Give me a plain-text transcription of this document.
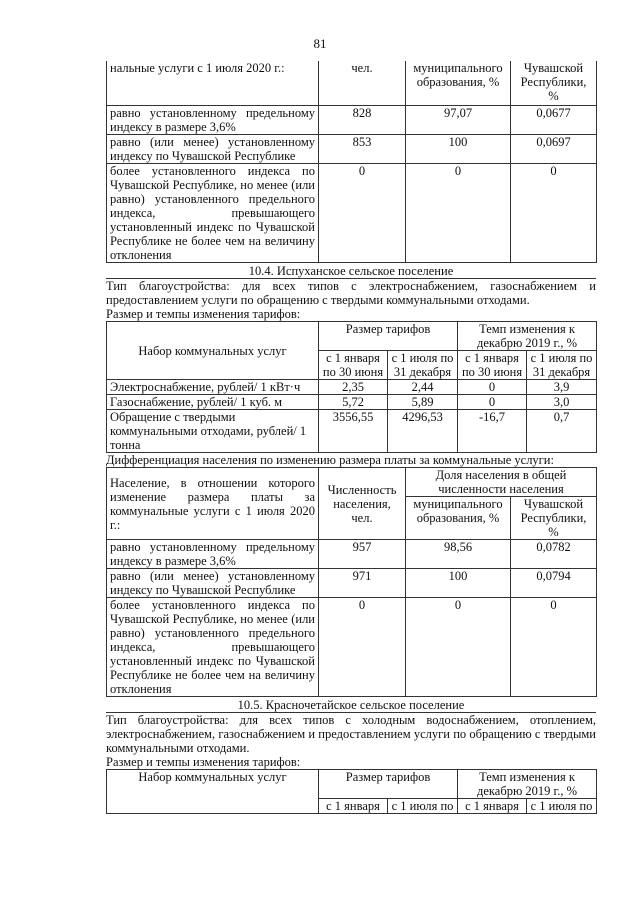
81
нальные услуги с 1 июля 2020 г.:	чел.	муниципального образования, %	Чувашской Республики, %
равно установленному предельному индексу в размере 3,6%	828	97,07	0,0677
равно (или менее) установленному индексу по Чувашской Республике	853	100	0,0697
более установленного индекса по Чувашской Республике, но менее (или равно) установленного предельного индекса, превышающего установленный индекс по Чувашской Республике не более чем на величину отклонения	0	0	0
10.4. Испуханское сельское поселение
Тип благоустройства: для всех типов с электроснабжением, газоснабжением и предоставлением услуги по обращению с твердыми коммунальными отходами.
Размер и темпы изменения тарифов:
Набор коммунальных услуг	Размер тарифов		Темп изменения к декабрю 2019 г., %	
	с 1 января по 30 июня	с 1 июля по 31 декабря	с 1 января по 30 июня	с 1 июля по 31 декабря
Электроснабжение, рублей/ 1 кВт·ч	2,35	2,44	0	3,9
Газоснабжение, рублей/ 1 куб. м	5,72	5,89	0	3,0
Обращение с твердыми коммунальными отходами, рублей/ 1 тонна	3556,55	4296,53	-16,7	0,7
Дифференциация населения по изменению размера платы за коммунальные услуги:
Население, в отношении которого изменение размера платы за коммунальные услуги с 1 июля 2020 г.:	Численность населения, чел.	Доля населения в общей численности населения	
		муниципального образования, %	Чувашской Республики, %
равно установленному предельному индексу в размере 3,6%	957	98,56	0,0782
равно (или менее) установленному индексу по Чувашской Республике	971	100	0,0794
более установленного индекса по Чувашской Республике, но менее (или равно) установленного предельного индекса, превышающего установленный индекс по Чувашской Республике не более чем на величину отклонения	0	0	0
10.5. Красночетайское сельское поселение
Тип благоустройства: для всех типов с холодным водоснабжением, отоплением, электроснабжением, газоснабжением и предоставлением услуги по обращению с твердыми коммунальными отходами.
Размер и темпы изменения тарифов:
Набор коммунальных услуг	Размер тарифов		Темп изменения к декабрю 2019 г., %	
	с 1 января	с 1 июля по	с 1 января	с 1 июля по
